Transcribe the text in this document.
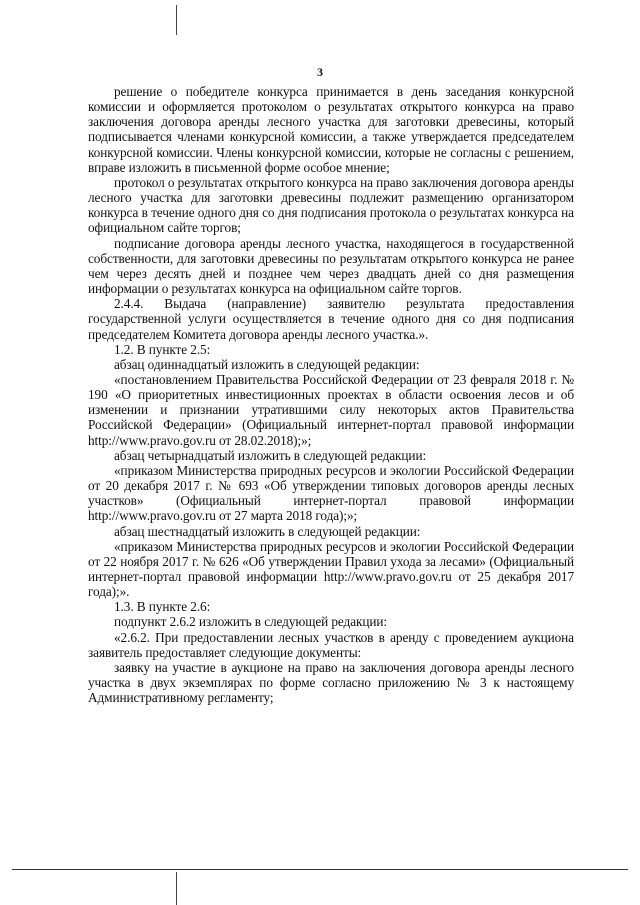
3

решение о победителе конкурса принимается в день заседания конкурсной комиссии и оформляется протоколом о результатах открытого конкурса на право заключения договора аренды лесного участка для заготовки древесины, который подписывается членами конкурсной комиссии, а также утверждается председателем конкурсной комиссии. Члены конкурсной комиссии, которые не согласны с решением, вправе изложить в письменной форме особое мнение;

протокол о результатах открытого конкурса на право заключения договора аренды лесного участка для заготовки древесины подлежит размещению организатором конкурса в течение одного дня со дня подписания протокола о результатах конкурса на официальном сайте торгов;

подписание договора аренды лесного участка, находящегося в государственной собственности, для заготовки древесины по результатам открытого конкурса не ранее чем через десять дней и позднее чем через двадцать дней со дня размещения информации о результатах конкурса на официальном сайте торгов.

2.4.4. Выдача (направление) заявителю результата предоставления государственной услуги осуществляется в течение одного дня со дня подписания председателем Комитета договора аренды лесного участка.».

1.2. В пункте 2.5:

абзац одиннадцатый изложить в следующей редакции:

«постановлением Правительства Российской Федерации от 23 февраля 2018 г. № 190 «О приоритетных инвестиционных проектах в области освоения лесов и об изменении и признании утратившими силу некоторых актов Правительства Российской Федерации» (Официальный интернет-портал правовой информации http://www.pravo.gov.ru от 28.02.2018);»;

абзац четырнадцатый изложить в следующей редакции:

«приказом Министерства природных ресурсов и экологии Российской Федерации от 20 декабря 2017 г. № 693 «Об утверждении типовых договоров аренды лесных участков» (Официальный интернет-портал правовой информации http://www.pravo.gov.ru от 27 марта 2018 года);»;

абзац шестнадцатый изложить в следующей редакции:

«приказом Министерства природных ресурсов и экологии Российской Федерации от 22 ноября 2017 г. № 626 «Об утверждении Правил ухода за лесами» (Официальный интернет-портал правовой информации http://www.pravo.gov.ru от 25 декабря 2017 года);».

1.3. В пункте 2.6:

подпункт 2.6.2 изложить в следующей редакции:

«2.6.2. При предоставлении лесных участков в аренду с проведением аукциона заявитель предоставляет следующие документы:

заявку на участие в аукционе на право на заключения договора аренды лесного участка в двух экземплярах по форме согласно приложению № 3 к настоящему Административному регламенту;
